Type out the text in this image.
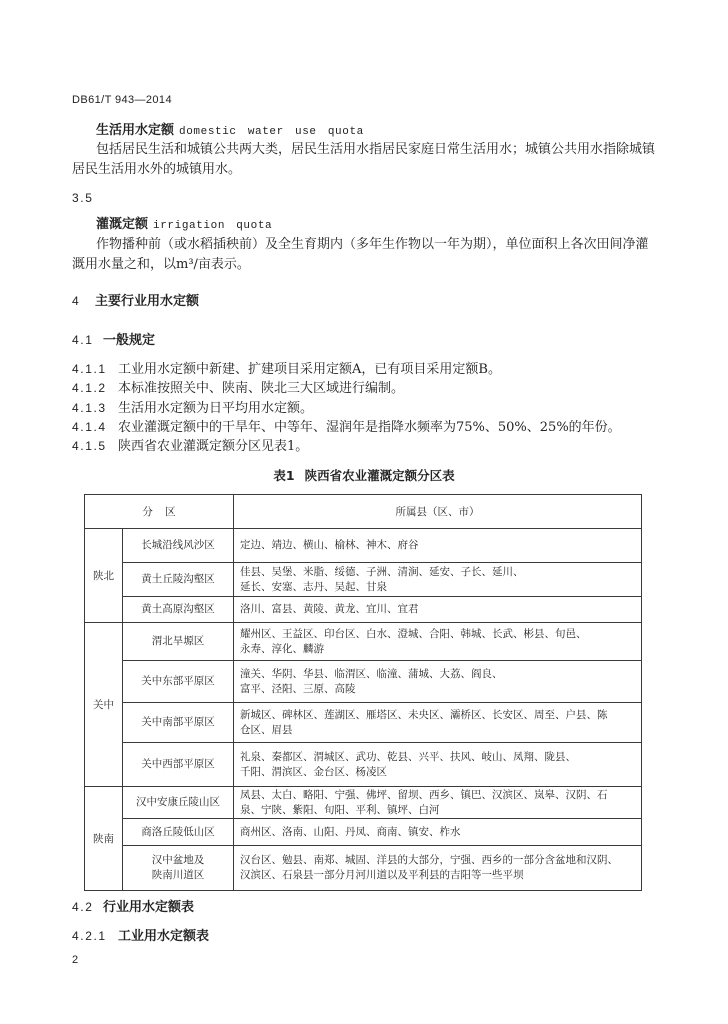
DB61/T 943—2014
生活用水定额 domestic water use quota
包括居民生活和城镇公共两大类，居民生活用水指居民家庭日常生活用水；城镇公共用水指除城镇
居民生活用水外的城镇用水。
3.5
灌溉定额 irrigation quota
作物播种前（或水稻插秧前）及全生育期内（多年生作物以一年为期），单位面积上各次田间净灌
溉用水量之和，以m³/亩表示。
4 主要行业用水定额
4.1 一般规定
4.1.1 工业用水定额中新建、扩建项目采用定额A，已有项目采用定额B。
4.1.2 本标准按照关中、陕南、陕北三大区域进行编制。
4.1.3 生活用水定额为日平均用水定额。
4.1.4 农业灌溉定额中的干旱年、中等年、湿润年是指降水频率为75%、50%、25%的年份。
4.1.5 陕西省农业灌溉定额分区见表1。
表1 陕西省农业灌溉定额分区表
分 区		所属县（区、市）
陕北	长城沿线风沙区	定边、靖边、横山、榆林、神木、府谷

	黄土丘陵沟壑区	佳县、吴堡、米脂、绥德、子洲、清涧、延安、子长、延川、
延长、安塞、志丹、吴起、甘泉

	黄土高原沟壑区	洛川、富县、黄陵、黄龙、宜川、宜君

关中	渭北旱塬区	耀州区、王益区、印台区、白水、澄城、合阳、韩城、长武、彬县、旬邑、
永寿、淳化、麟游

	关中东部平原区	潼关、华阴、华县、临渭区、临潼、蒲城、大荔、阎良、
富平、泾阳、三原、高陵

	关中南部平原区	新城区、碑林区、莲湖区、雁塔区、未央区、灞桥区、长安区、周至、户县、陈
仓区、眉县

	关中西部平原区	礼泉、秦都区、渭城区、武功、乾县、兴平、扶风、岐山、凤翔、陇县、
千阳、渭滨区、金台区、杨凌区

陕南	汉中安康丘陵山区	凤县、太白、略阳、宁强、佛坪、留坝、西乡、镇巴、汉滨区、岚皋、汉阴、石
泉、宁陕、紫阳、旬阳、平利、镇坪、白河

	商洛丘陵低山区	商州区、洛南、山阳、丹凤、商南、镇安、柞水

	汉中盆地及
陕南川道区	汉台区、勉县、南郑、城固、洋县的大部分，宁强、西乡的一部分含盆地和汉阴、
汉滨区、石泉县一部分月河川道以及平利县的吉阳等一些平坝
4.2 行业用水定额表
4.2.1 工业用水定额表
2
